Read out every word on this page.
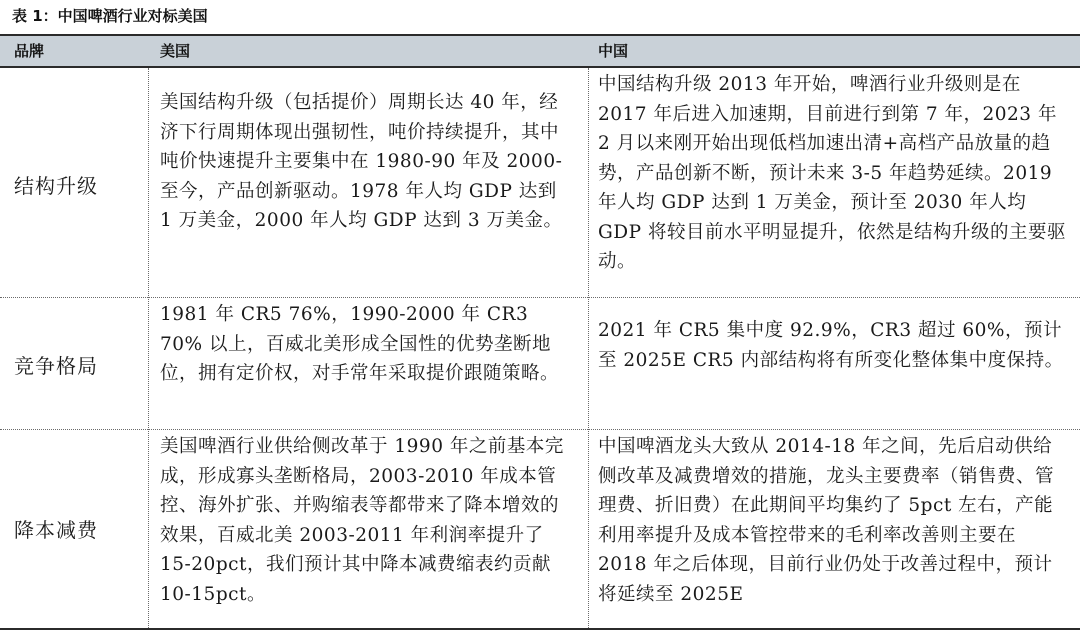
表 1：中国啤酒行业对标美国
品牌	美国	中国
结构升级
美国结构升级（包括提价）周期长达 40 年，经济下行周期体现出强韧性，吨价持续提升，其中吨价快速提升主要集中在 1980-90 年及 2000-至今，产品创新驱动。1978 年人均 GDP 达到 1 万美金，2000 年人均 GDP 达到 3 万美金。
中国结构升级 2013 年开始，啤酒行业升级则是在 2017 年后进入加速期，目前进行到第 7 年，2023 年 2 月以来刚开始出现低档加速出清+高档产品放量的趋势，产品创新不断，预计未来 3-5 年趋势延续。2019 年人均 GDP 达到 1 万美金，预计至 2030 年人均 GDP 将较目前水平明显提升，依然是结构升级的主要驱动。
竞争格局
1981 年 CR5 76%，1990-2000 年 CR3 70% 以上，百威北美形成全国性的优势垄断地位，拥有定价权，对手常年采取提价跟随策略。
2021 年 CR5 集中度 92.9%，CR3 超过 60%，预计至 2025E CR5 内部结构将有所变化整体集中度保持。
降本减费
美国啤酒行业供给侧改革于 1990 年之前基本完成，形成寡头垄断格局，2003-2010 年成本管控、海外扩张、并购缩表等都带来了降本增效的效果，百威北美 2003-2011 年利润率提升了 15-20pct，我们预计其中降本减费缩表约贡献 10-15pct。
中国啤酒龙头大致从 2014-18 年之间，先后启动供给侧改革及减费增效的措施，龙头主要费率（销售费、管理费、折旧费）在此期间平均集约了 5pct 左右，产能利用率提升及成本管控带来的毛利率改善则主要在 2018 年之后体现，目前行业仍处于改善过程中，预计将延续至 2025E
